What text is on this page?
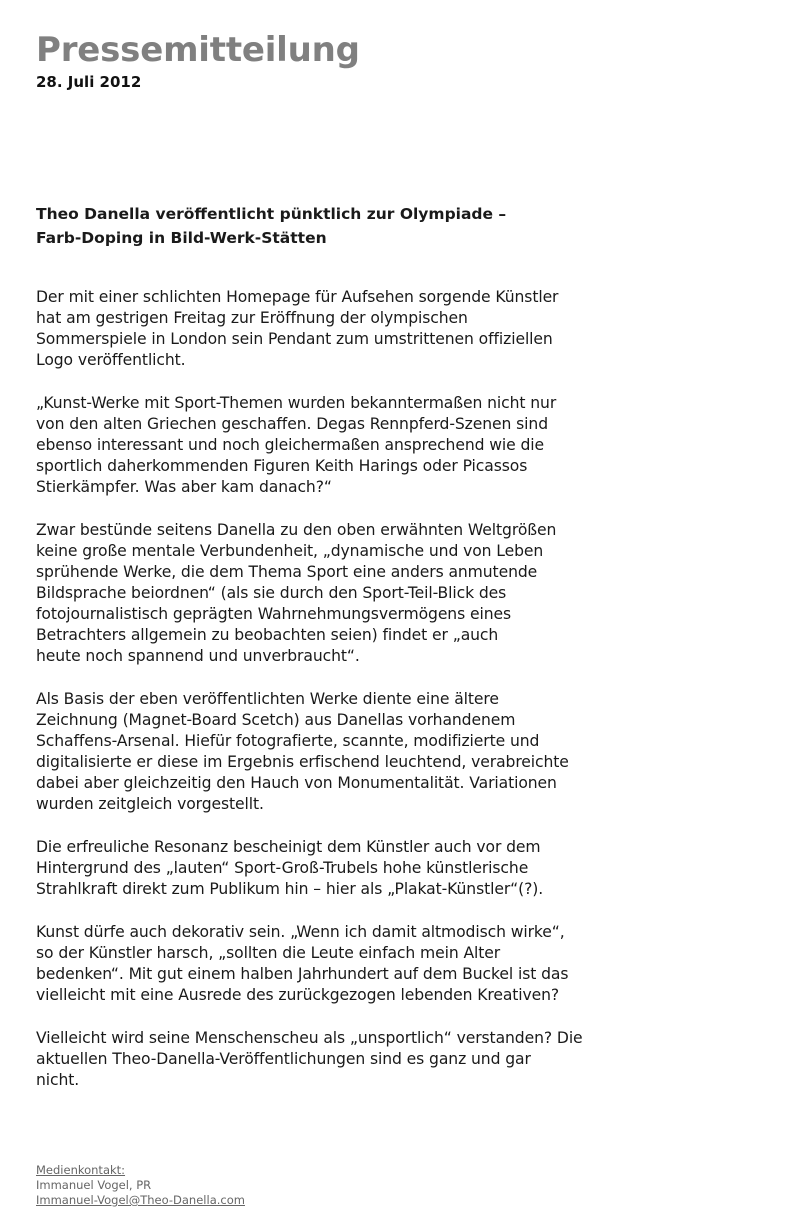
Pressemitteilung

28. Juli 2012

Theo Danella veröffentlicht pünktlich zur Olympiade –
Farb-Doping in Bild-Werk-Stätten

Der mit einer schlichten Homepage für Aufsehen sorgende Künstler
hat am gestrigen Freitag zur Eröffnung der olympischen
Sommerspiele in London sein Pendant zum umstrittenen offiziellen
Logo veröffentlicht.

„Kunst-Werke mit Sport-Themen wurden bekanntermaßen nicht nur
von den alten Griechen geschaffen. Degas Rennpferd-Szenen sind
ebenso interessant und noch gleichermaßen ansprechend wie die
sportlich daherkommenden Figuren Keith Harings oder Picassos
Stierkämpfer. Was aber kam danach?“

Zwar bestünde seitens Danella zu den oben erwähnten Weltgrößen
keine große mentale Verbundenheit, „dynamische und von Leben
sprühende Werke, die dem Thema Sport eine anders anmutende
Bildsprache beiordnen“ (als sie durch den Sport-Teil-Blick des
fotojournalistisch geprägten Wahrnehmungsvermögens eines
Betrachters allgemein zu beobachten seien) findet er „auch
heute noch spannend und unverbraucht“.

Als Basis der eben veröffentlichten Werke diente eine ältere
Zeichnung (Magnet-Board Scetch) aus Danellas vorhandenem
Schaffens-Arsenal. Hiefür fotografierte, scannte, modifizierte und
digitalisierte er diese im Ergebnis erfischend leuchtend, verabreichte
dabei aber gleichzeitig den Hauch von Monumentalität. Variationen
wurden zeitgleich vorgestellt.

Die erfreuliche Resonanz bescheinigt dem Künstler auch vor dem
Hintergrund des „lauten“ Sport-Groß-Trubels hohe künstlerische
Strahlkraft direkt zum Publikum hin – hier als „Plakat-Künstler“(?).

Kunst dürfe auch dekorativ sein. „Wenn ich damit altmodisch wirke“,
so der Künstler harsch, „sollten die Leute einfach mein Alter
bedenken“. Mit gut einem halben Jahrhundert auf dem Buckel ist das
vielleicht mit eine Ausrede des zurückgezogen lebenden Kreativen?

Vielleicht wird seine Menschenscheu als „unsportlich“ verstanden? Die
aktuellen Theo-Danella-Veröffentlichungen sind es ganz und gar
nicht.

Medienkontakt:
Immanuel Vogel, PR
Immanuel-Vogel@Theo-Danella.com
